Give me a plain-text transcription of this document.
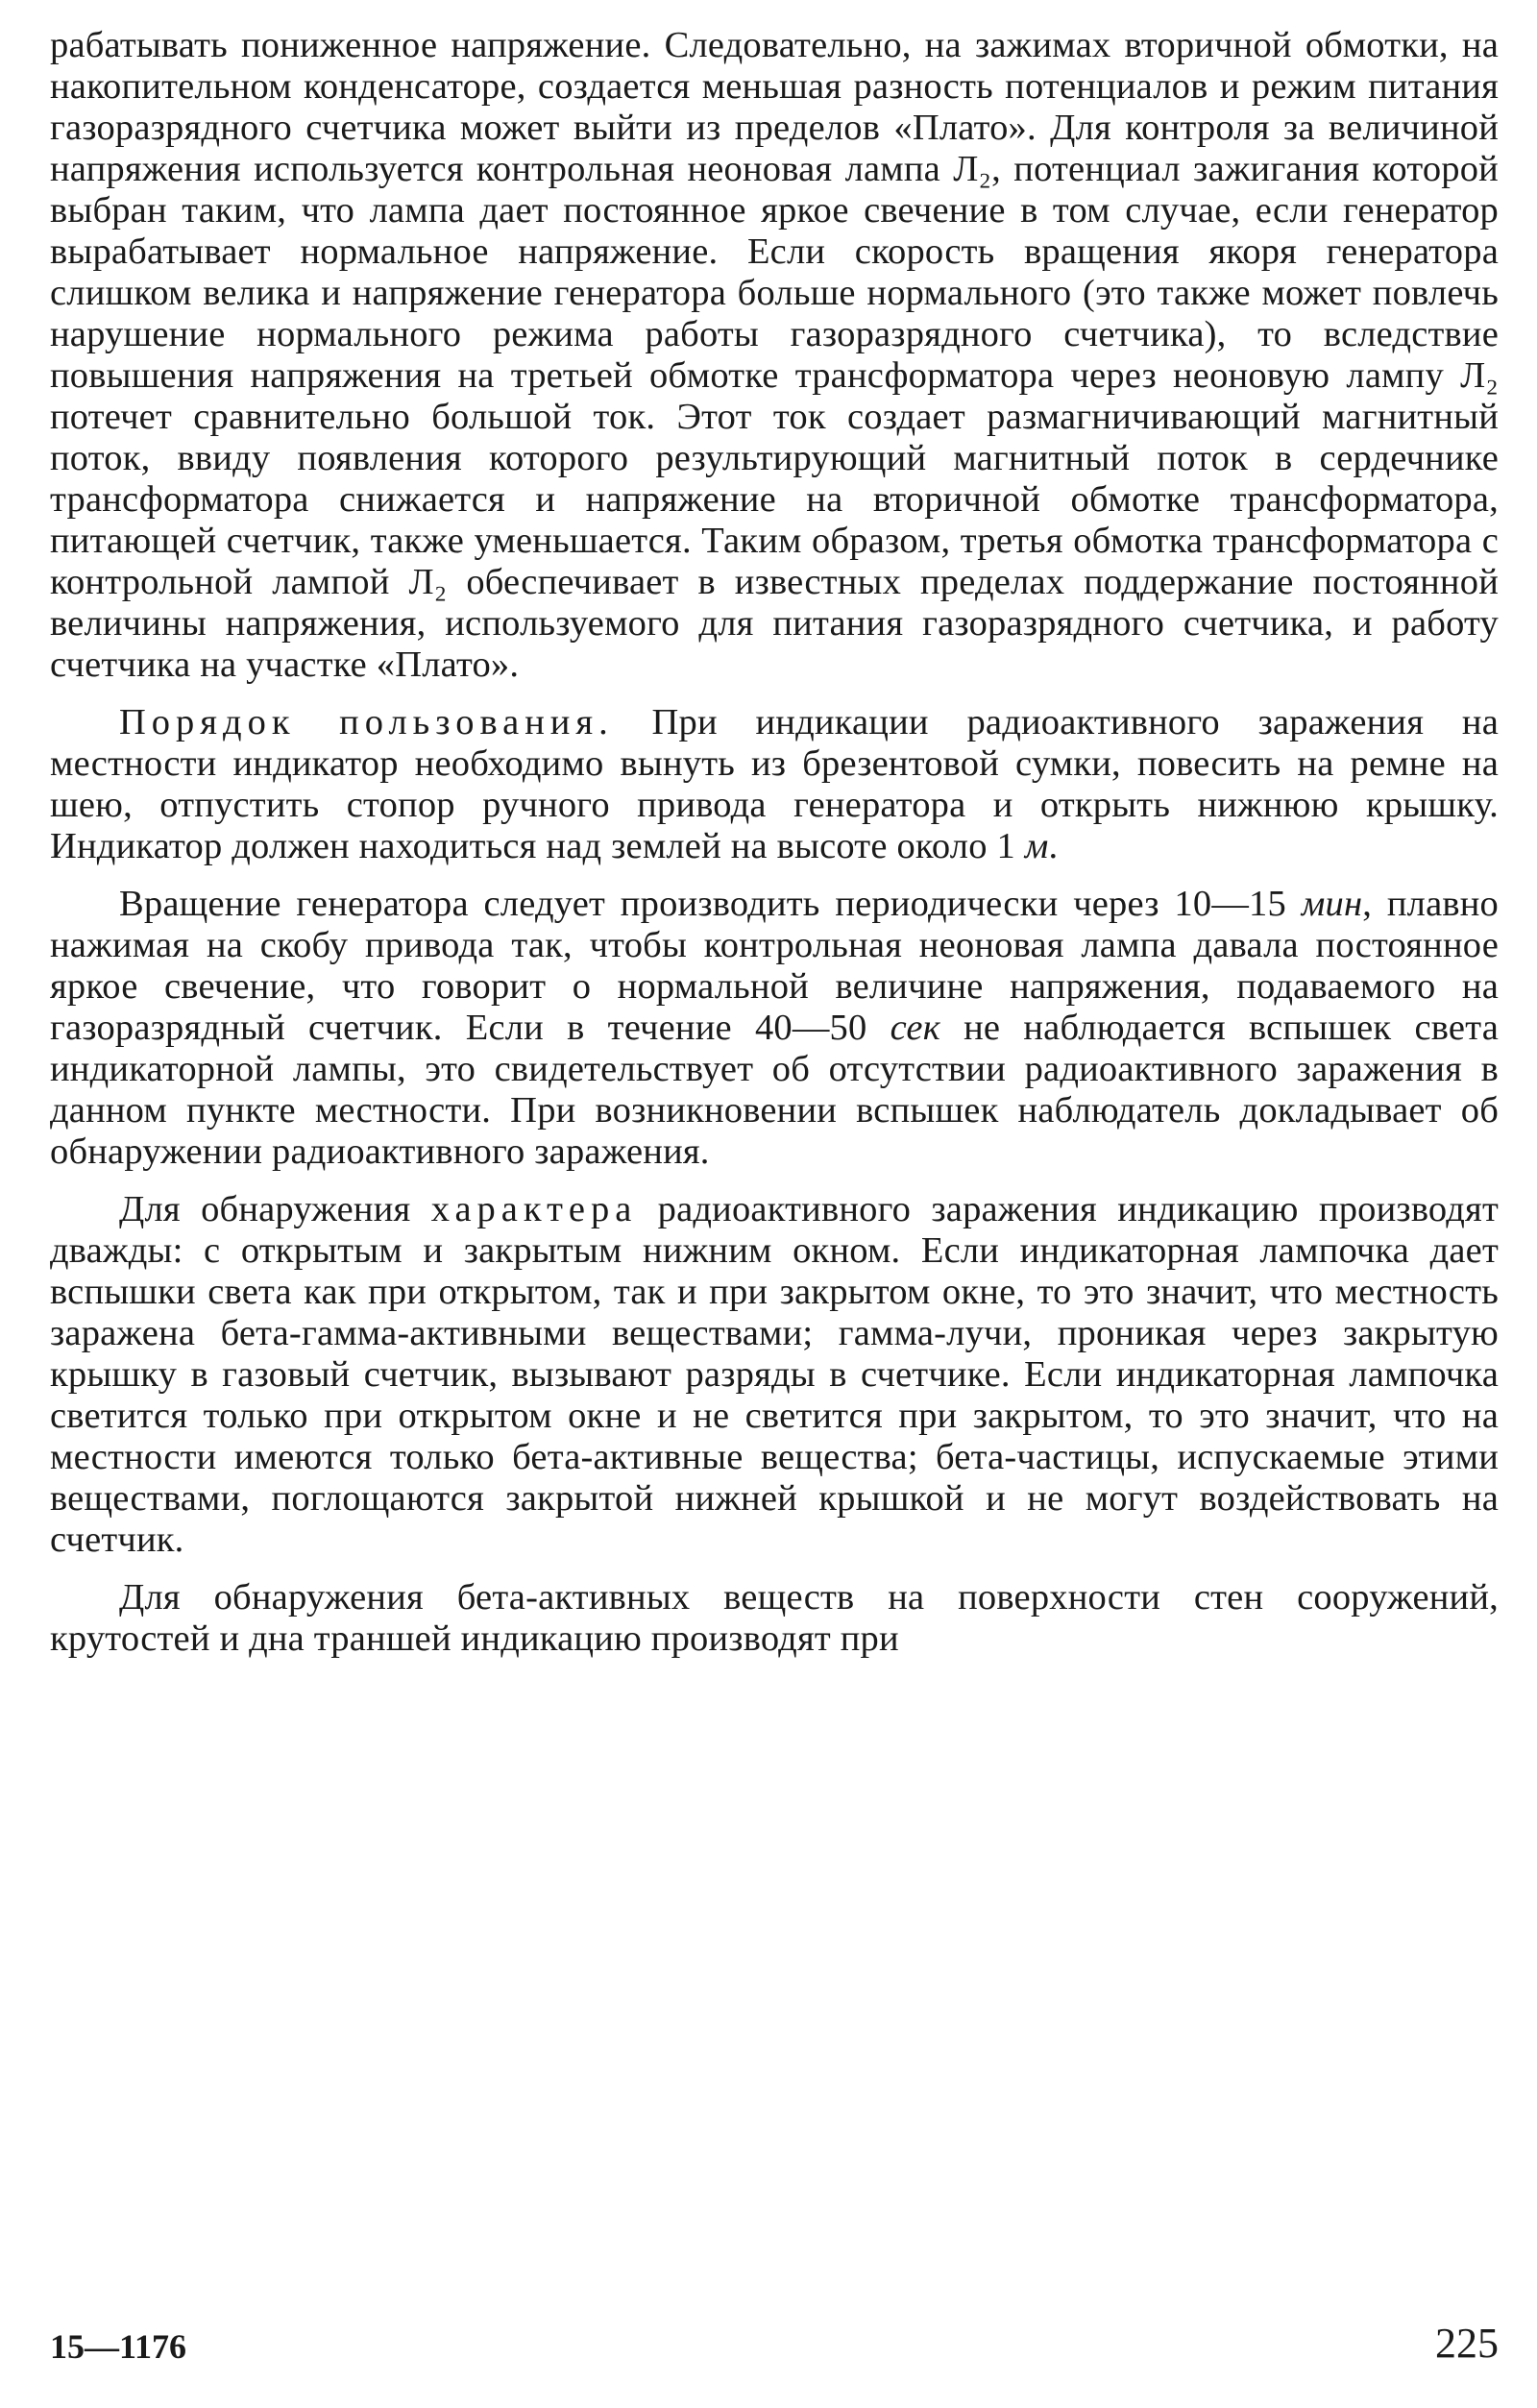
рабатывать пониженное напряжение. Следовательно, на зажимах вторичной обмотки, на накопительном конденсаторе, создается меньшая разность потенциалов и режим питания газоразрядного счетчика может выйти из пределов «Плато». Для контроля за величиной напряжения используется контрольная неоновая лампа Л₂, потенциал зажигания которой выбран таким, что лампа дает постоянное яркое свечение в том случае, если генератор вырабатывает нормальное напряжение. Если скорость вращения якоря генератора слишком велика и напряжение генератора больше нормального (это также может повлечь нарушение нормального режима работы газоразрядного счетчика), то вследствие повышения напряжения на третьей обмотке трансформатора через неоновую лампу Л₂ потечет сравнительно большой ток. Этот ток создает размагничивающий магнитный поток, ввиду появления которого результирующий магнитный поток в сердечнике трансформатора снижается и напряжение на вторичной обмотке трансформатора, питающей счетчик, также уменьшается. Таким образом, третья обмотка трансформатора с контрольной лампой Л₂ обеспечивает в известных пределах поддержание постоянной величины напряжения, используемого для питания газоразрядного счетчика, и работу счетчика на участке «Плато».

Порядок пользования. При индикации радиоактивного заражения на местности индикатор необходимо вынуть из брезентовой сумки, повесить на ремне на шею, отпустить стопор ручного привода генератора и открыть нижнюю крышку. Индикатор должен находиться над землей на высоте около 1 м.

Вращение генератора следует производить периодически через 10—15 мин, плавно нажимая на скобу привода так, чтобы контрольная неоновая лампа давала постоянное яркое свечение, что говорит о нормальной величине напряжения, подаваемого на газоразрядный счетчик. Если в течение 40—50 сек не наблюдается вспышек света индикаторной лампы, это свидетельствует об отсутствии радиоактивного заражения в данном пункте местности. При возникновении вспышек наблюдатель докладывает об обнаружении радиоактивного заражения.

Для обнаружения характера радиоактивного заражения индикацию производят дважды: с открытым и закрытым нижним окном. Если индикаторная лампочка дает вспышки света как при открытом, так и при закрытом окне, то это значит, что местность заражена бета-гамма-активными веществами; гамма-лучи, проникая через закрытую крышку в газовый счетчик, вызывают разряды в счетчике. Если индикаторная лампочка светится только при открытом окне и не светится при закрытом, то это значит, что на местности имеются только бета-активные вещества; бета-частицы, испускаемые этими веществами, поглощаются закрытой нижней крышкой и не могут воздействовать на счетчик.

Для обнаружения бета-активных веществ на поверхности стен сооружений, крутостей и дна траншей индикацию производят при

15—1176	225
